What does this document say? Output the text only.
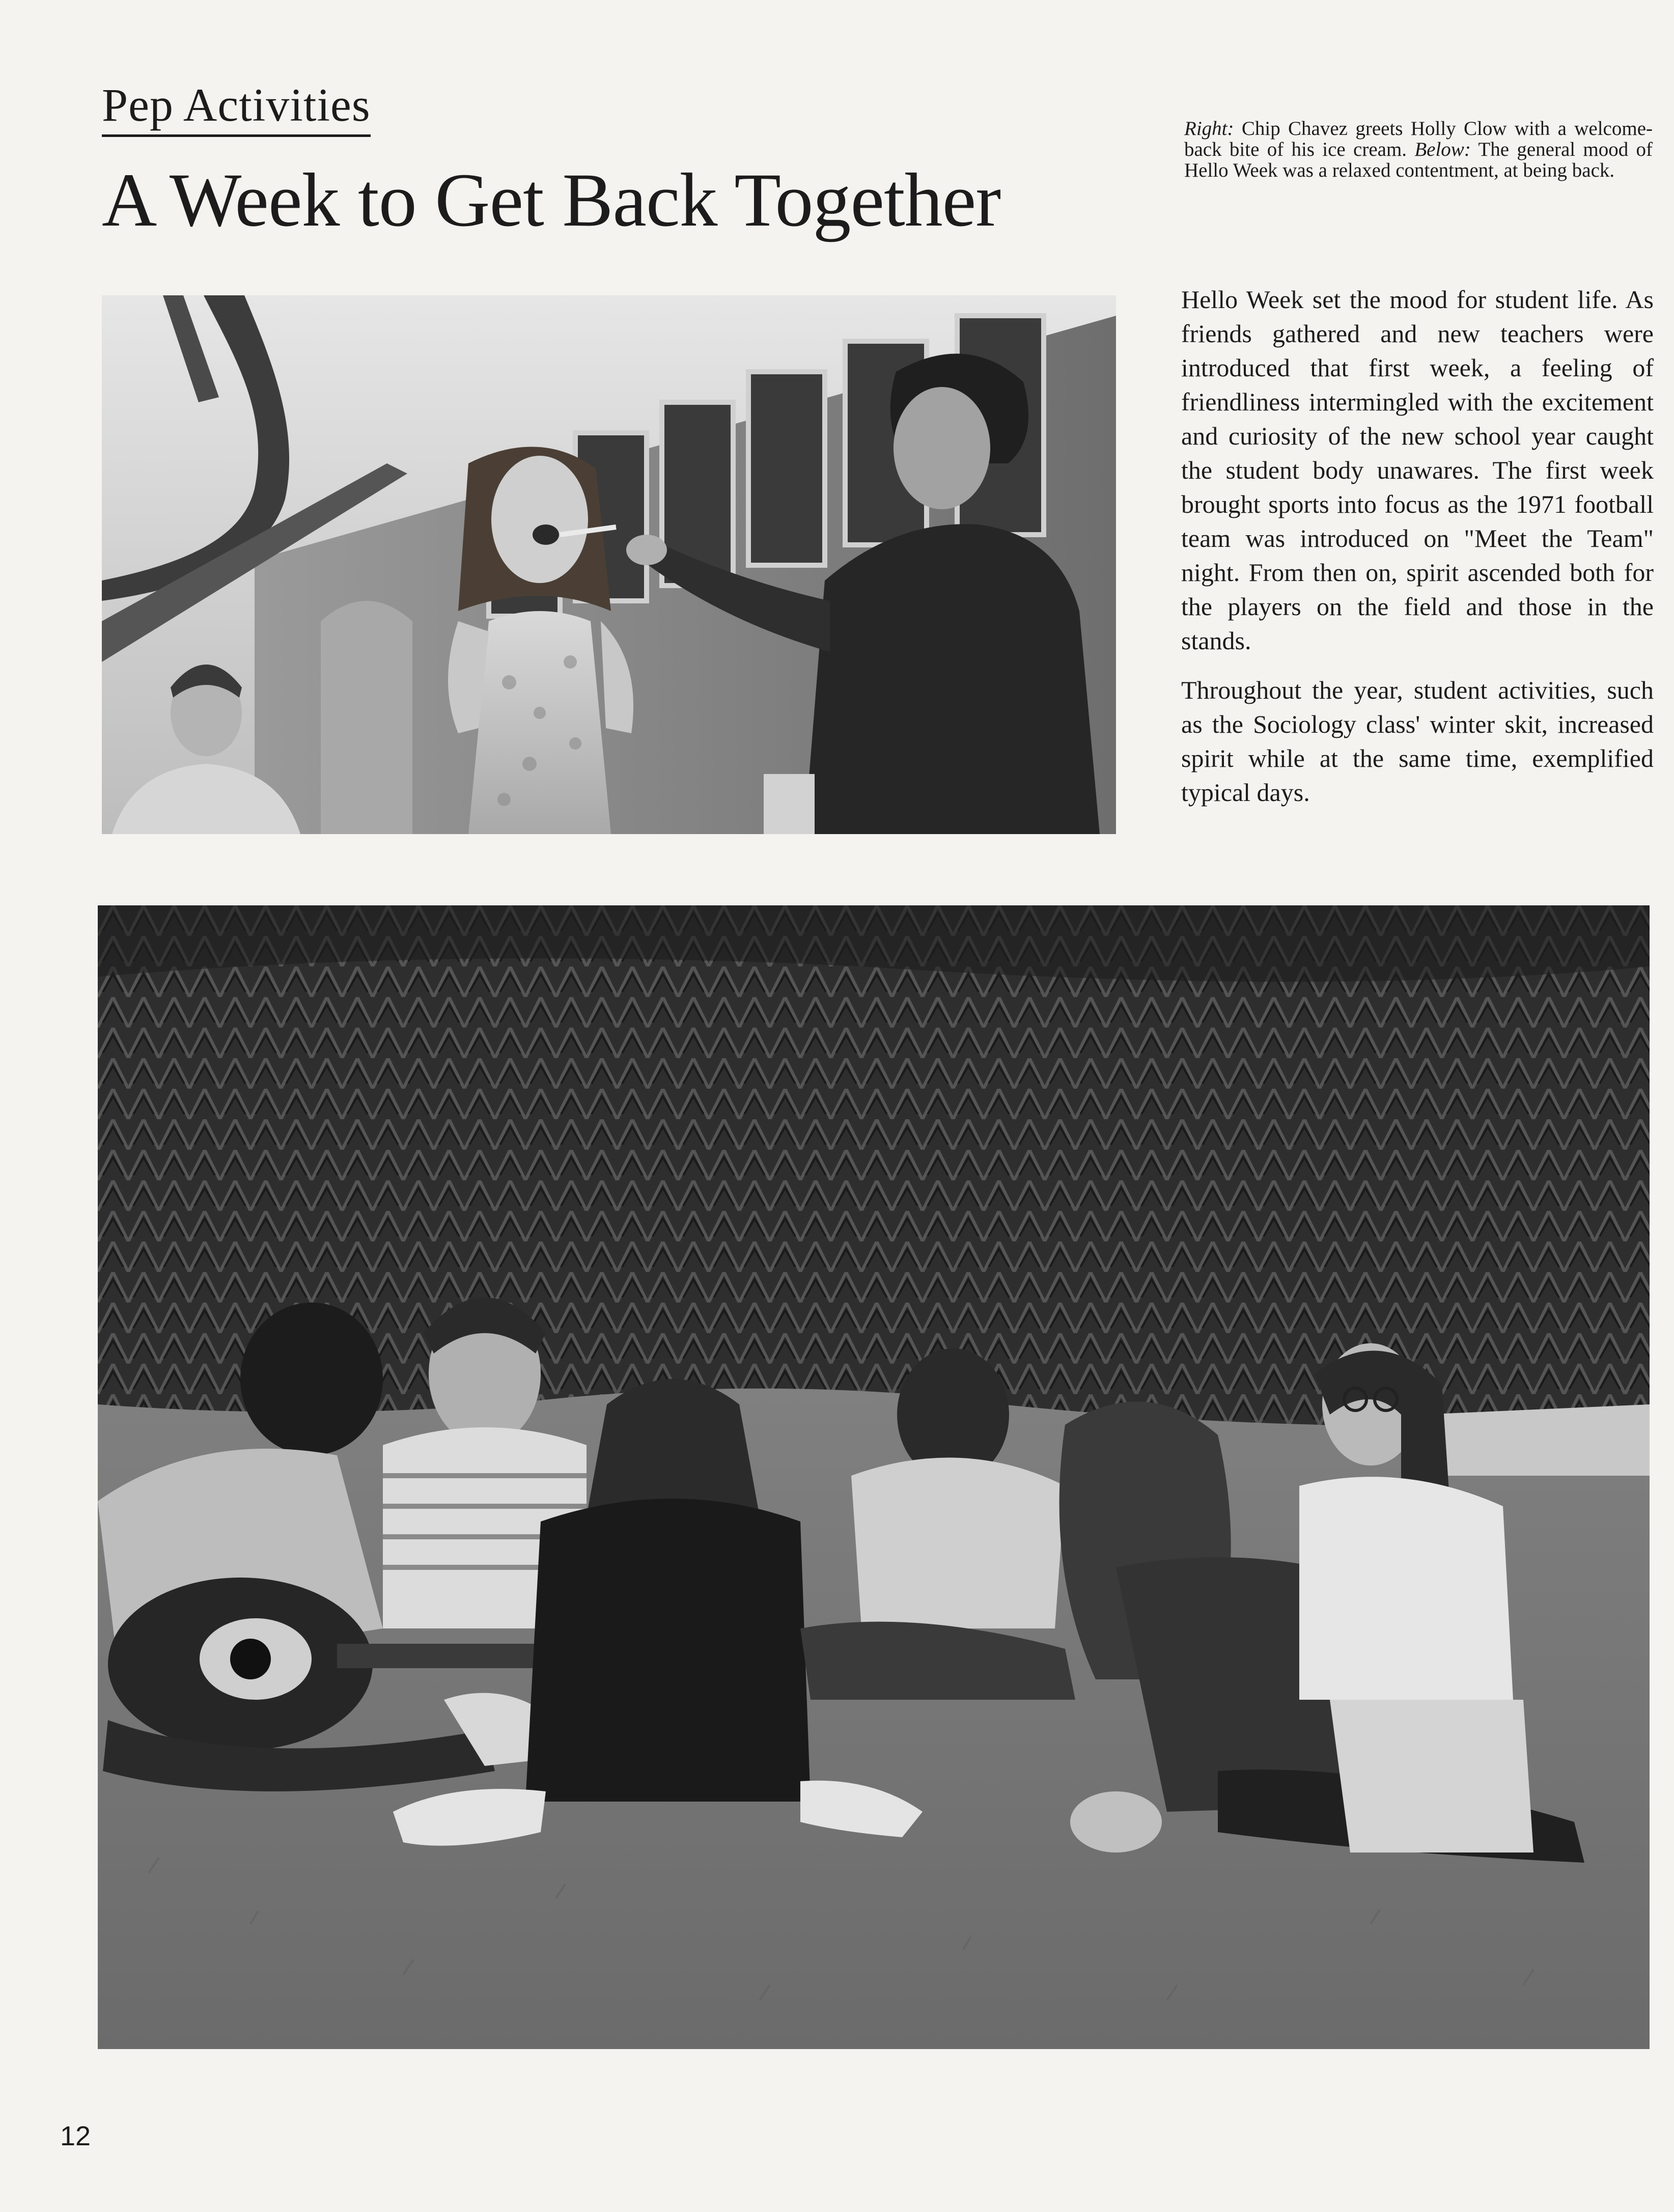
Pep Activities
A Week to Get Back Together
Right: Chip Chavez greets Holly Clow with a welcome-back bite of his ice cream. Below: The general mood of Hello Week was a relaxed contentment, at being back.

Hello Week set the mood for student life. As friends gathered and new teachers were introduced that first week, a feeling of friendliness intermingled with the excitement and curiosity of the new school year caught the student body unawares. The first week brought sports into focus as the 1971 football team was introduced on "Meet the Team" night. From then on, spirit ascended both for the players on the field and those in the stands.

Throughout the year, student activities, such as the Sociology class' winter skit, increased spirit while at the same time, exemplified typical days.

12
